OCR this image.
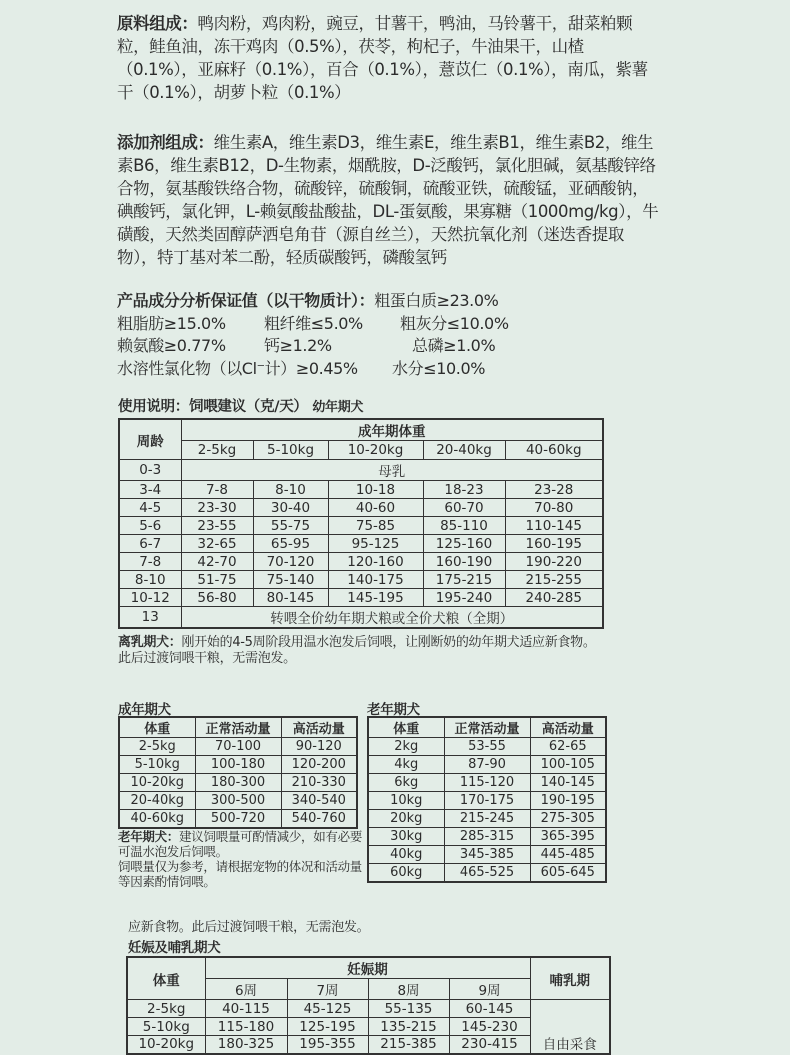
原料组成：鸭肉粉，鸡肉粉，豌豆，甘薯干，鸭油，马铃薯干，甜菜粕颗粒，鲑鱼油，冻干鸡肉（0.5%），茯苓，枸杞子，牛油果干，山楂（0.1%），亚麻籽（0.1%），百合（0.1%），薏苡仁（0.1%），南瓜，紫薯干（0.1%），胡萝卜粒（0.1%）

添加剂组成：维生素A，维生素D3，维生素E，维生素B1，维生素B2，维生素B6，维生素B12，D-生物素，烟酰胺，D-泛酸钙，氯化胆碱，氨基酸锌络合物，氨基酸铁络合物，硫酸锌，硫酸铜，硫酸亚铁，硫酸锰，亚硒酸钠，碘酸钙，氯化钾，L-赖氨酸盐酸盐，DL-蛋氨酸，果寡糖（1000mg/kg），牛磺酸，天然类固醇萨洒皂角苷（源自丝兰），天然抗氧化剂（迷迭香提取物），特丁基对苯二酚，轻质碳酸钙，磷酸氢钙

产品成分分析保证值（以干物质计）：粗蛋白质≥23.0%
粗脂肪≥15.0%	粗纤维≤5.0%	粗灰分≤10.0%
赖氨酸≥0.77%	钙≥1.2%	总磷≥1.0%
水溶性氯化物（以Cl⁻计）≥0.45%	水分≤10.0%
使用说明：饲喂建议（克/天） 幼年期犬
周龄	成年期体重				
	2-5kg	5-10kg	10-20kg	20-40kg	40-60kg
0-3	母乳				
3-4	7-8	8-10	10-18	18-23	23-28
4-5	23-30	30-40	40-60	60-70	70-80
5-6	23-55	55-75	75-85	85-110	110-145
6-7	32-65	65-95	95-125	125-160	160-195
7-8	42-70	70-120	120-160	160-190	190-220
8-10	51-75	75-140	140-175	175-215	215-255
10-12	56-80	80-145	145-195	195-240	240-285
13	转喂全价幼年期犬粮或全价犬粮（全期）				

离乳期犬：刚开始的4-5周阶段用温水泡发后饲喂，让刚断奶的幼年期犬适应新食物。此后过渡饲喂干粮，无需泡发。

成年期犬
体重	正常活动量	高活动量
2-5kg	70-100	90-120
5-10kg	100-180	120-200
10-20kg	180-300	210-330
20-40kg	300-500	340-540
40-60kg	500-720	540-760
老年期犬：建议饲喂量可酌情减少，如有必要可温水泡发后饲喂。
饲喂量仅为参考，请根据宠物的体况和活动量等因素酌情饲喂。
老年期犬
体重	正常活动量	高活动量
2kg	53-55	62-65
4kg	87-90	100-105
6kg	115-120	140-145
10kg	170-175	190-195
20kg	215-245	275-305
30kg	285-315	365-395
40kg	345-385	445-485
60kg	465-525	605-645
应新食物。此后过渡饲喂干粮，无需泡发。
妊娠及哺乳期犬
体重	妊娠期				哺乳期
	6周	7周	8周	9周	
2-5kg	40-115	45-125	55-135	60-145	自由采食
5-10kg	115-180	125-195	135-215	145-230	
10-20kg	180-325	195-355	215-385	230-415	
